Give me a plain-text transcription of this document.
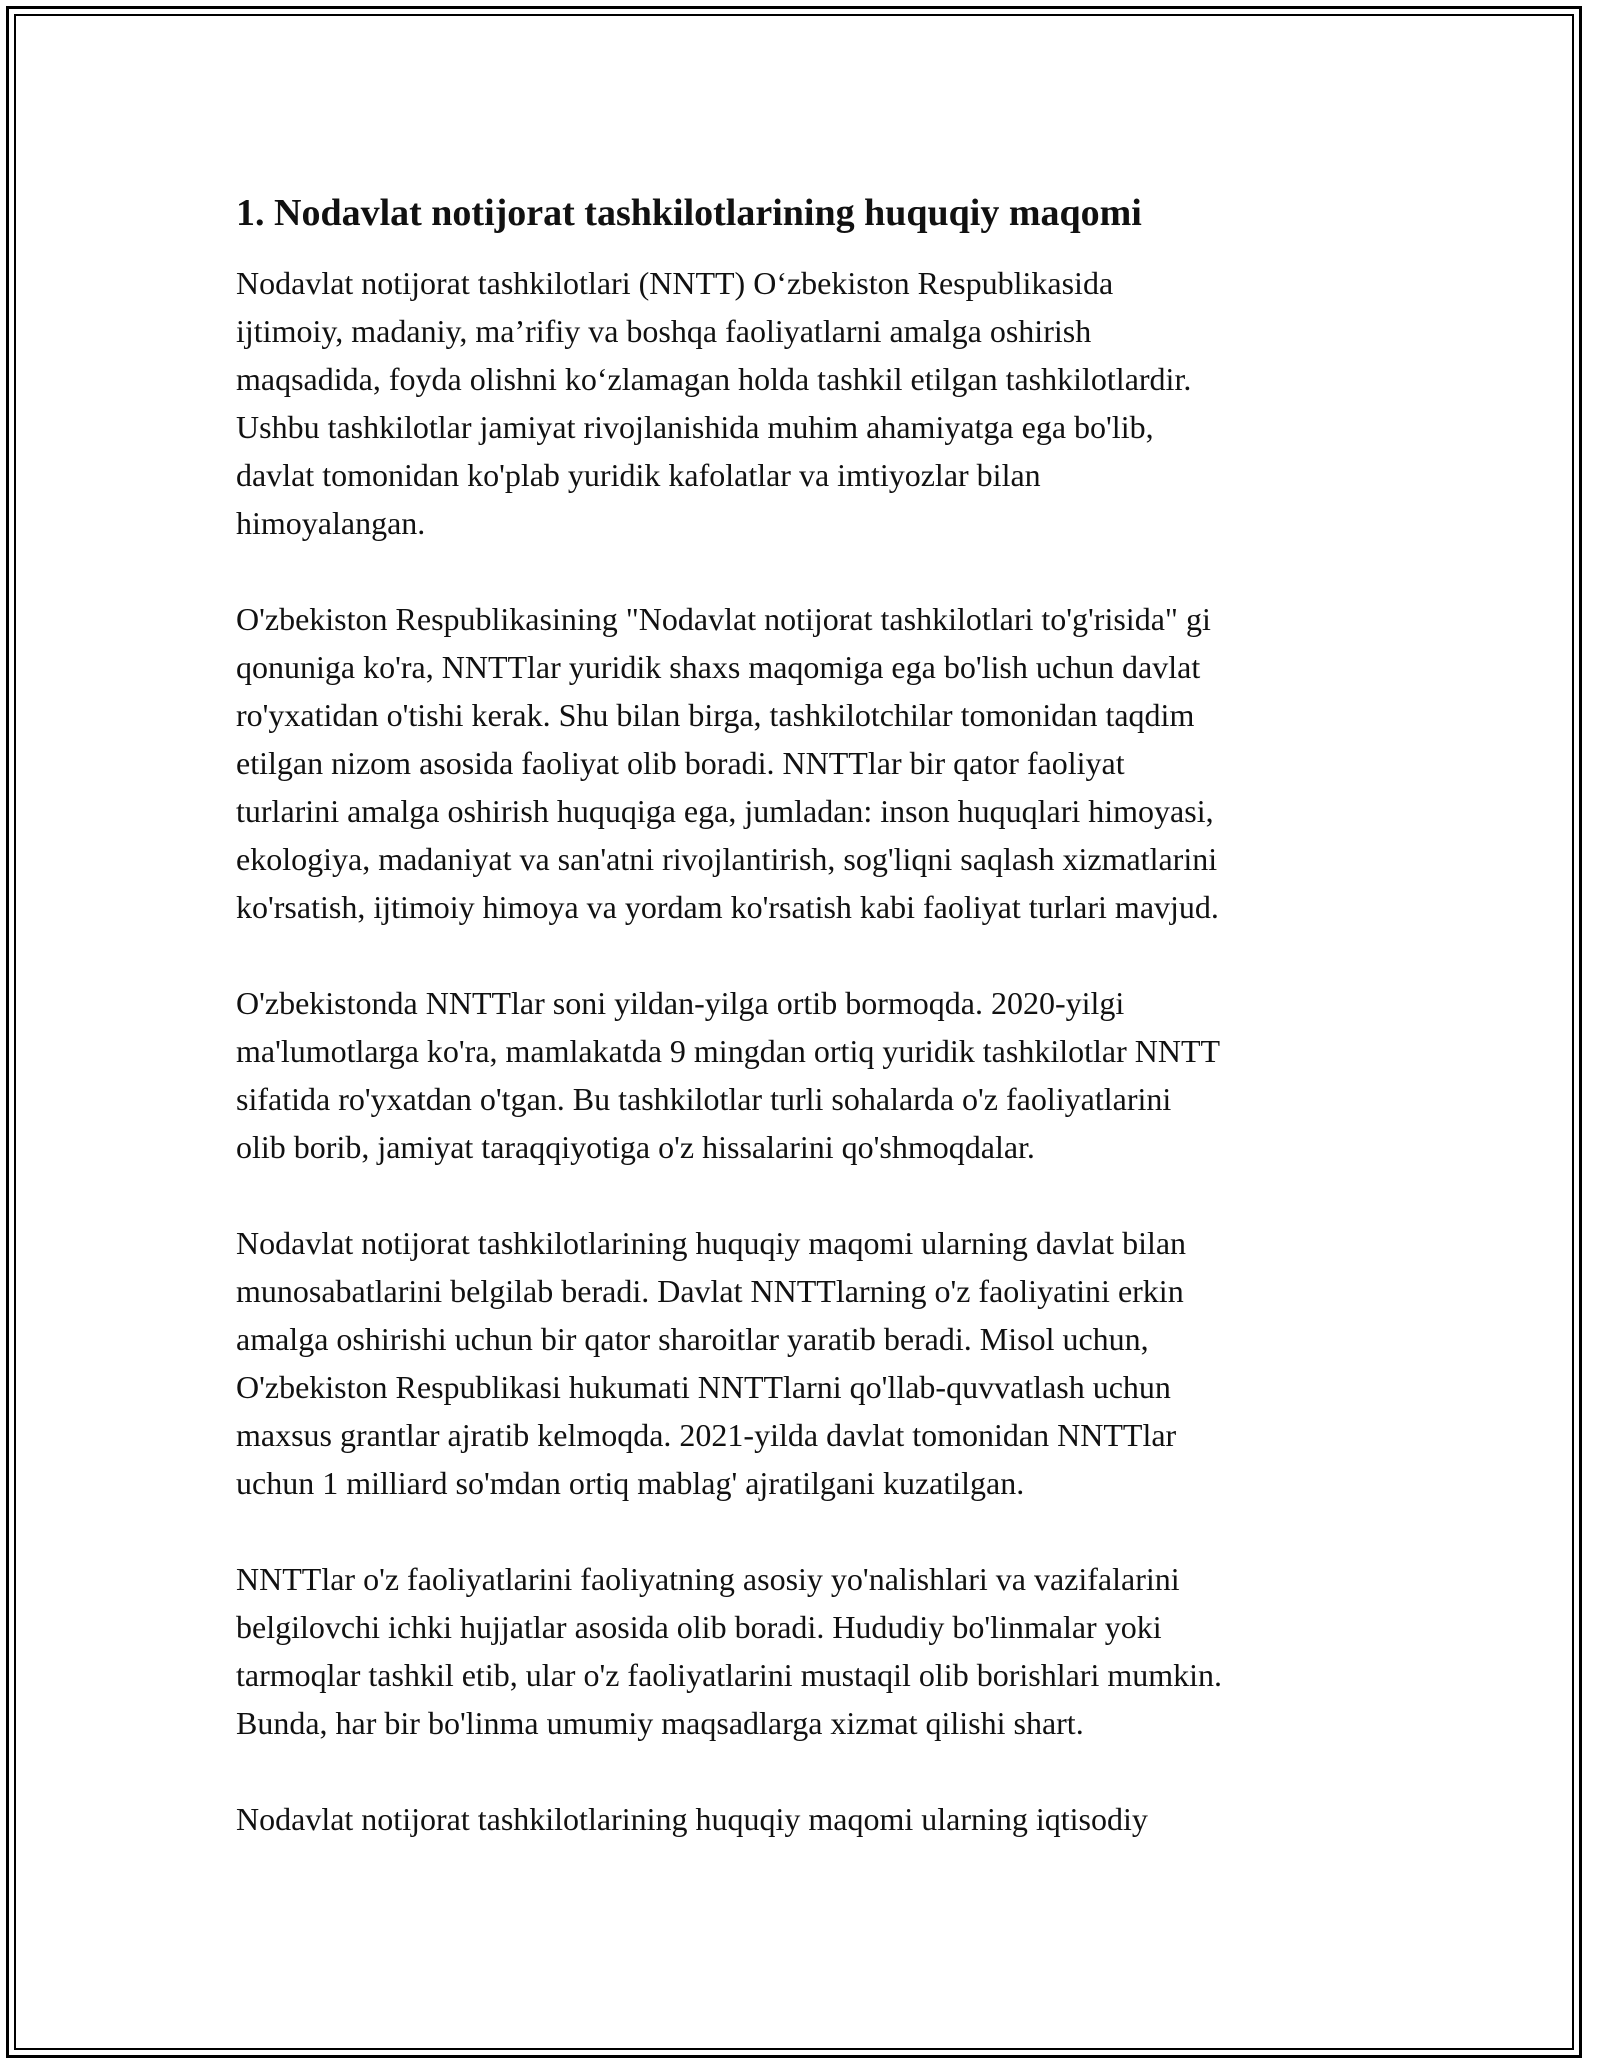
1. Nodavlat notijorat tashkilotlarining huquqiy maqomi

Nodavlat notijorat tashkilotlari (NNTT) O‘zbekiston Respublikasida
ijtimoiy, madaniy, ma’rifiy va boshqa faoliyatlarni amalga oshirish
maqsadida, foyda olishni ko‘zlamagan holda tashkil etilgan tashkilotlardir.
Ushbu tashkilotlar jamiyat rivojlanishida muhim ahamiyatga ega bo'lib,
davlat tomonidan ko'plab yuridik kafolatlar va imtiyozlar bilan
himoyalangan.

O'zbekiston Respublikasining "Nodavlat notijorat tashkilotlari to'g'risida" gi
qonuniga ko'ra, NNTTlar yuridik shaxs maqomiga ega bo'lish uchun davlat
ro'yxatidan o'tishi kerak. Shu bilan birga, tashkilotchilar tomonidan taqdim
etilgan nizom asosida faoliyat olib boradi. NNTTlar bir qator faoliyat
turlarini amalga oshirish huquqiga ega, jumladan: inson huquqlari himoyasi,
ekologiya, madaniyat va san'atni rivojlantirish, sog'liqni saqlash xizmatlarini
ko'rsatish, ijtimoiy himoya va yordam ko'rsatish kabi faoliyat turlari mavjud.

O'zbekistonda NNTTlar soni yildan-yilga ortib bormoqda. 2020-yilgi
ma'lumotlarga ko'ra, mamlakatda 9 mingdan ortiq yuridik tashkilotlar NNTT
sifatida ro'yxatdan o'tgan. Bu tashkilotlar turli sohalarda o'z faoliyatlarini
olib borib, jamiyat taraqqiyotiga o'z hissalarini qo'shmoqdalar.

Nodavlat notijorat tashkilotlarining huquqiy maqomi ularning davlat bilan
munosabatlarini belgilab beradi. Davlat NNTTlarning o'z faoliyatini erkin
amalga oshirishi uchun bir qator sharoitlar yaratib beradi. Misol uchun,
O'zbekiston Respublikasi hukumati NNTTlarni qo'llab-quvvatlash uchun
maxsus grantlar ajratib kelmoqda. 2021-yilda davlat tomonidan NNTTlar
uchun 1 milliard so'mdan ortiq mablag' ajratilgani kuzatilgan.

NNTTlar o'z faoliyatlarini faoliyatning asosiy yo'nalishlari va vazifalarini
belgilovchi ichki hujjatlar asosida olib boradi. Hududiy bo'linmalar yoki
tarmoqlar tashkil etib, ular o'z faoliyatlarini mustaqil olib borishlari mumkin.
Bunda, har bir bo'linma umumiy maqsadlarga xizmat qilishi shart.

Nodavlat notijorat tashkilotlarining huquqiy maqomi ularning iqtisodiy
